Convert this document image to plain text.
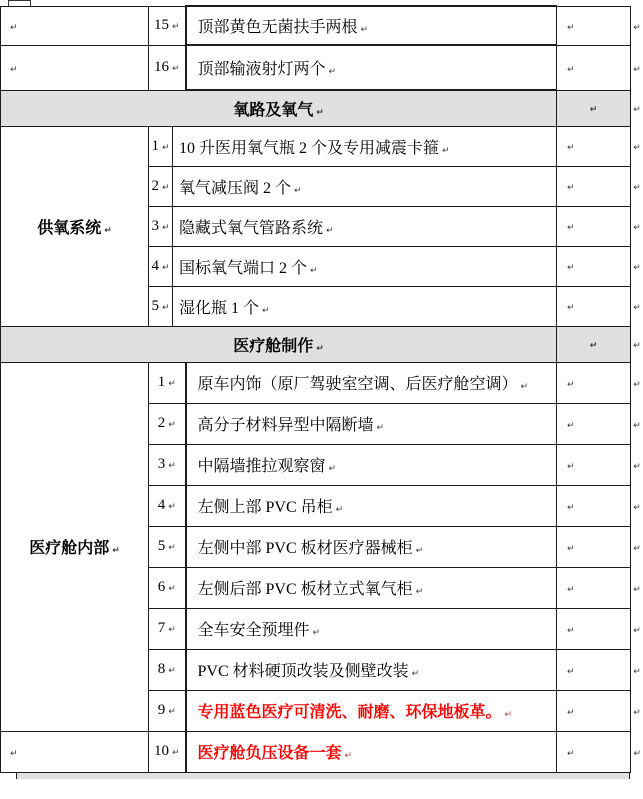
↵	15 ↵		顶部黄色无菌扶手两根 ↵	↵	↵
↵	16 ↵		顶部输液射灯两个 ↵	↵	↵
氧路及氧气 ↵				↵	↵
供氧系统 ↵	1 ↵	10 升医用氧气瓶 2 个及专用减震卡箍 ↵		↵	↵
	2 ↵	氧气减压阀 2 个 ↵		↵	↵
	3 ↵	隐藏式氧气管路系统 ↵		↵	↵
	4 ↵	国标氧气端口 2 个 ↵		↵	↵
	5 ↵	湿化瓶 1 个 ↵		↵	↵
医疗舱制作 ↵				↵	↵
医疗舱内部 ↵	1 ↵		原车内饰（原厂驾驶室空调、后医疗舱空调） ↵	↵	↵
	2 ↵		高分子材料异型中隔断墙 ↵	↵	↵
	3 ↵		中隔墙推拉观察窗 ↵	↵	↵
	4 ↵		左侧上部 PVC 吊柜 ↵	↵	↵
	5 ↵		左侧中部 PVC 板材医疗器械柜 ↵	↵	↵
	6 ↵		左侧后部 PVC 板材立式氧气柜 ↵	↵	↵
	7 ↵		全车安全预埋件 ↵	↵	↵
	8 ↵		PVC 材料硬顶改装及侧壁改装 ↵	↵	↵
	9 ↵		专用蓝色医疗可清洗、耐磨、环保地板革。 ↵	↵	↵
↵	10 ↵		医疗舱负压设备一套 ↵	↵	↵
